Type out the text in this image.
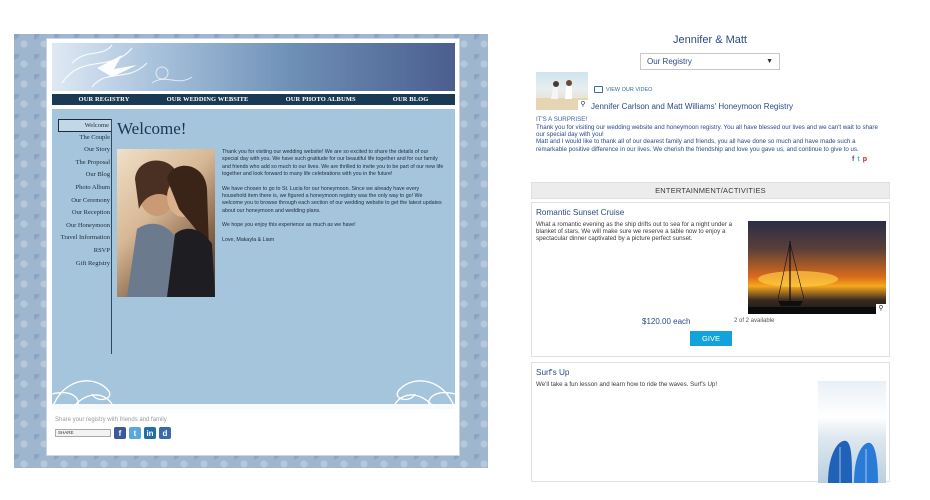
OUR REGISTRY	OUR WEDDING WEBSITE	OUR PHOTO ALBUMS	OUR BLOG
Welcome
The Couple
Our Story
The Proposal
Our Blog
Photo Album
Our Ceremony
Our Reception
Our Honeymoon
Travel Information
RSVP
Gift Registry
Welcome!

Thank you for visiting our wedding website! We are so excited to share the details of our special day with you. We have such gratitude for our beautiful life together and for our family and friends who add so much to our lives. We are thrilled to invite you to be part of our new life together and look forward to many life celebrations with you in the future!

We have chosen to go to St. Lucia for our honeymoon. Since we already have every household item there is, we figured a honeymoon registry was the only way to go! We welcome you to browse through each section of our wedding website to get the latest updates about our honeymoon and wedding plans.

We hope you enjoy this experience as much as we have!

Love, Makayla & Liam

Share your registry with friends and family
SHARE	f	t	in	d
Jennifer & Matt
Our Registry	▼
⚲
VIEW OUR VIDEO
Jennifer Carlson and Matt Williams' Honeymoon Registry
IT'S A SURPRISE!
Thank you for visiting our wedding website and honeymoon registry. You all have blessed our lives and we can't wait to share our special day with you!
Matt and I would like to thank all of our dearest family and friends, you all have done so much and have made such a remarkable positive difference in our lives. We cherish the friendship and love you gave us, and continue to give to us.
f t p
ENTERTAINMENT/ACTIVITIES
Romantic Sunset Cruise
What a romantic evening as the ship drifts out to sea for a night under a blanket of stars. We will make sure we reserve a table now to enjoy a spectacular dinner captivated by a picture perfect sunset.
⚲
$120.00 each	2 of 2 available
GIVE
Surf's Up
We'll take a fun lesson and learn how to ride the waves. Surf's Up!
